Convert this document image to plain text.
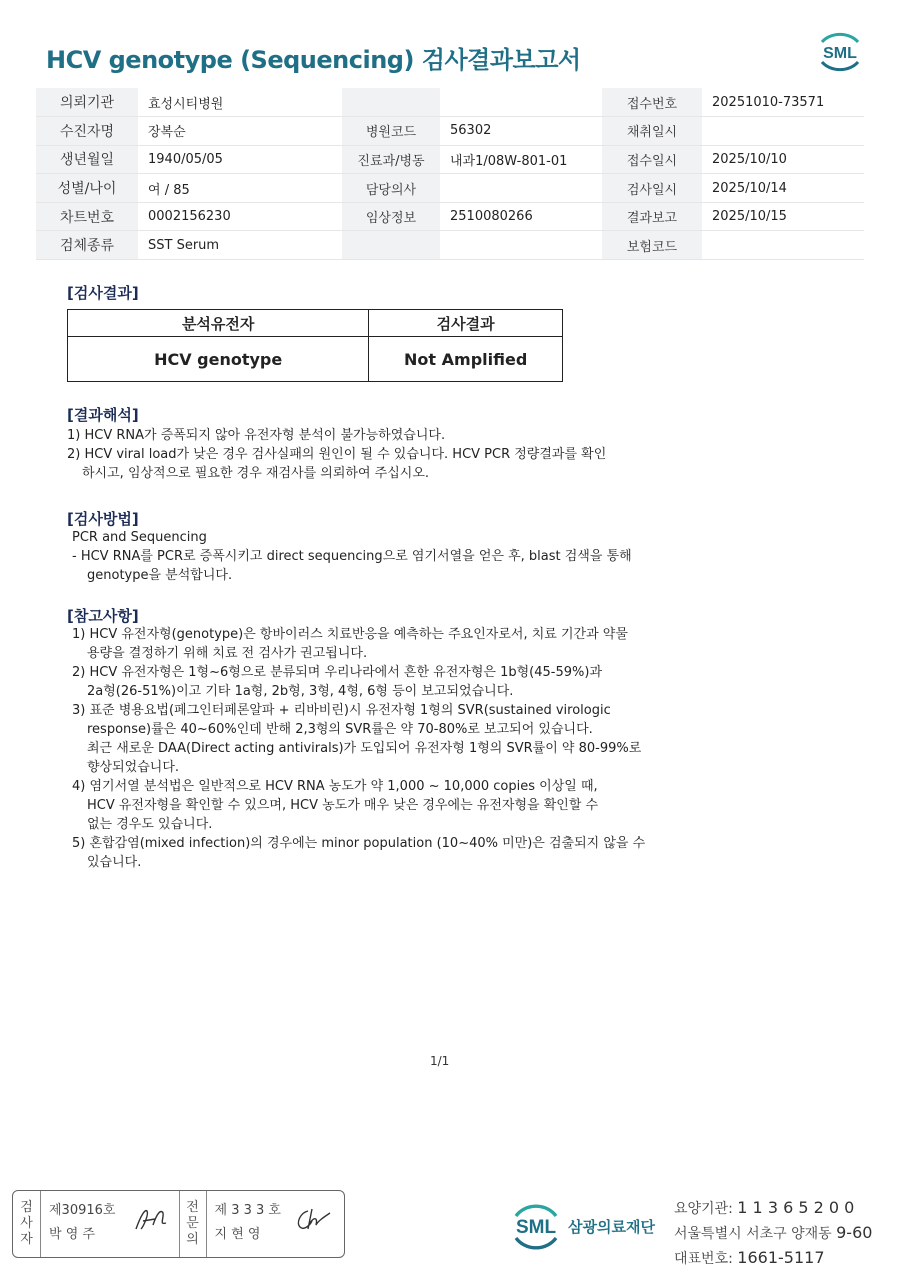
HCV genotype (Sequencing) 검사결과보고서	SML
의뢰기관	효성시티병원			접수번호	20251010-73571
수진자명	장복순	병원코드	56302	채취일시	
생년월일	1940/05/05	진료과/병동	내과1/08W-801-01	접수일시	2025/10/10
성별/나이	여 / 85	담당의사		검사일시	2025/10/14
차트번호	0002156230	임상정보	2510080266	결과보고	2025/10/15
검체종류	SST Serum			보험코드	
[검사결과]
분석유전자	검사결과
HCV genotype	Not Amplified
[결과해석]
1) HCV RNA가 증폭되지 않아 유전자형 분석이 불가능하였습니다.
2) HCV viral load가 낮은 경우 검사실패의 원인이 될 수 있습니다. HCV PCR 정량결과를 확인
하시고, 임상적으로 필요한 경우 재검사를 의뢰하여 주십시오.
[검사방법]
PCR and Sequencing
- HCV RNA를 PCR로 증폭시키고 direct sequencing으로 염기서열을 얻은 후, blast 검색을 통해
genotype을 분석합니다.
[참고사항]
1) HCV 유전자형(genotype)은 항바이러스 치료반응을 예측하는 주요인자로서, 치료 기간과 약물
용량을 결정하기 위해 치료 전 검사가 권고됩니다.
2) HCV 유전자형은 1형~6형으로 분류되며 우리나라에서 흔한 유전자형은 1b형(45-59%)과
2a형(26-51%)이고 기타 1a형, 2b형, 3형, 4형, 6형 등이 보고되었습니다.
3) 표준 병용요법(페그인터페론알파 + 리바비린)시 유전자형 1형의 SVR(sustained virologic
response)률은 40~60%인데 반해 2,3형의 SVR률은 약 70-80%로 보고되어 있습니다.
최근 새로운 DAA(Direct acting antivirals)가 도입되어 유전자형 1형의 SVR률이 약 80-99%로
향상되었습니다.
4) 염기서열 분석법은 일반적으로 HCV RNA 농도가 약 1,000 ~ 10,000 copies 이상일 때,
HCV 유전자형을 확인할 수 있으며, HCV 농도가 매우 낮은 경우에는 유전자형을 확인할 수
없는 경우도 있습니다.
5) 혼합감염(mixed infection)의 경우에는 minor population (10~40% 미만)은 검출되지 않을 수
있습니다.
1/1
검
사
자
제30916호
박 영 주
전
문
의
제 3 3 3 호
지 현 영	SML 삼광의료재단
요양기관: 1 1 3 6 5 2 0 0
서울특별시 서초구 양재동 9-60
대표번호: 1661-5117
